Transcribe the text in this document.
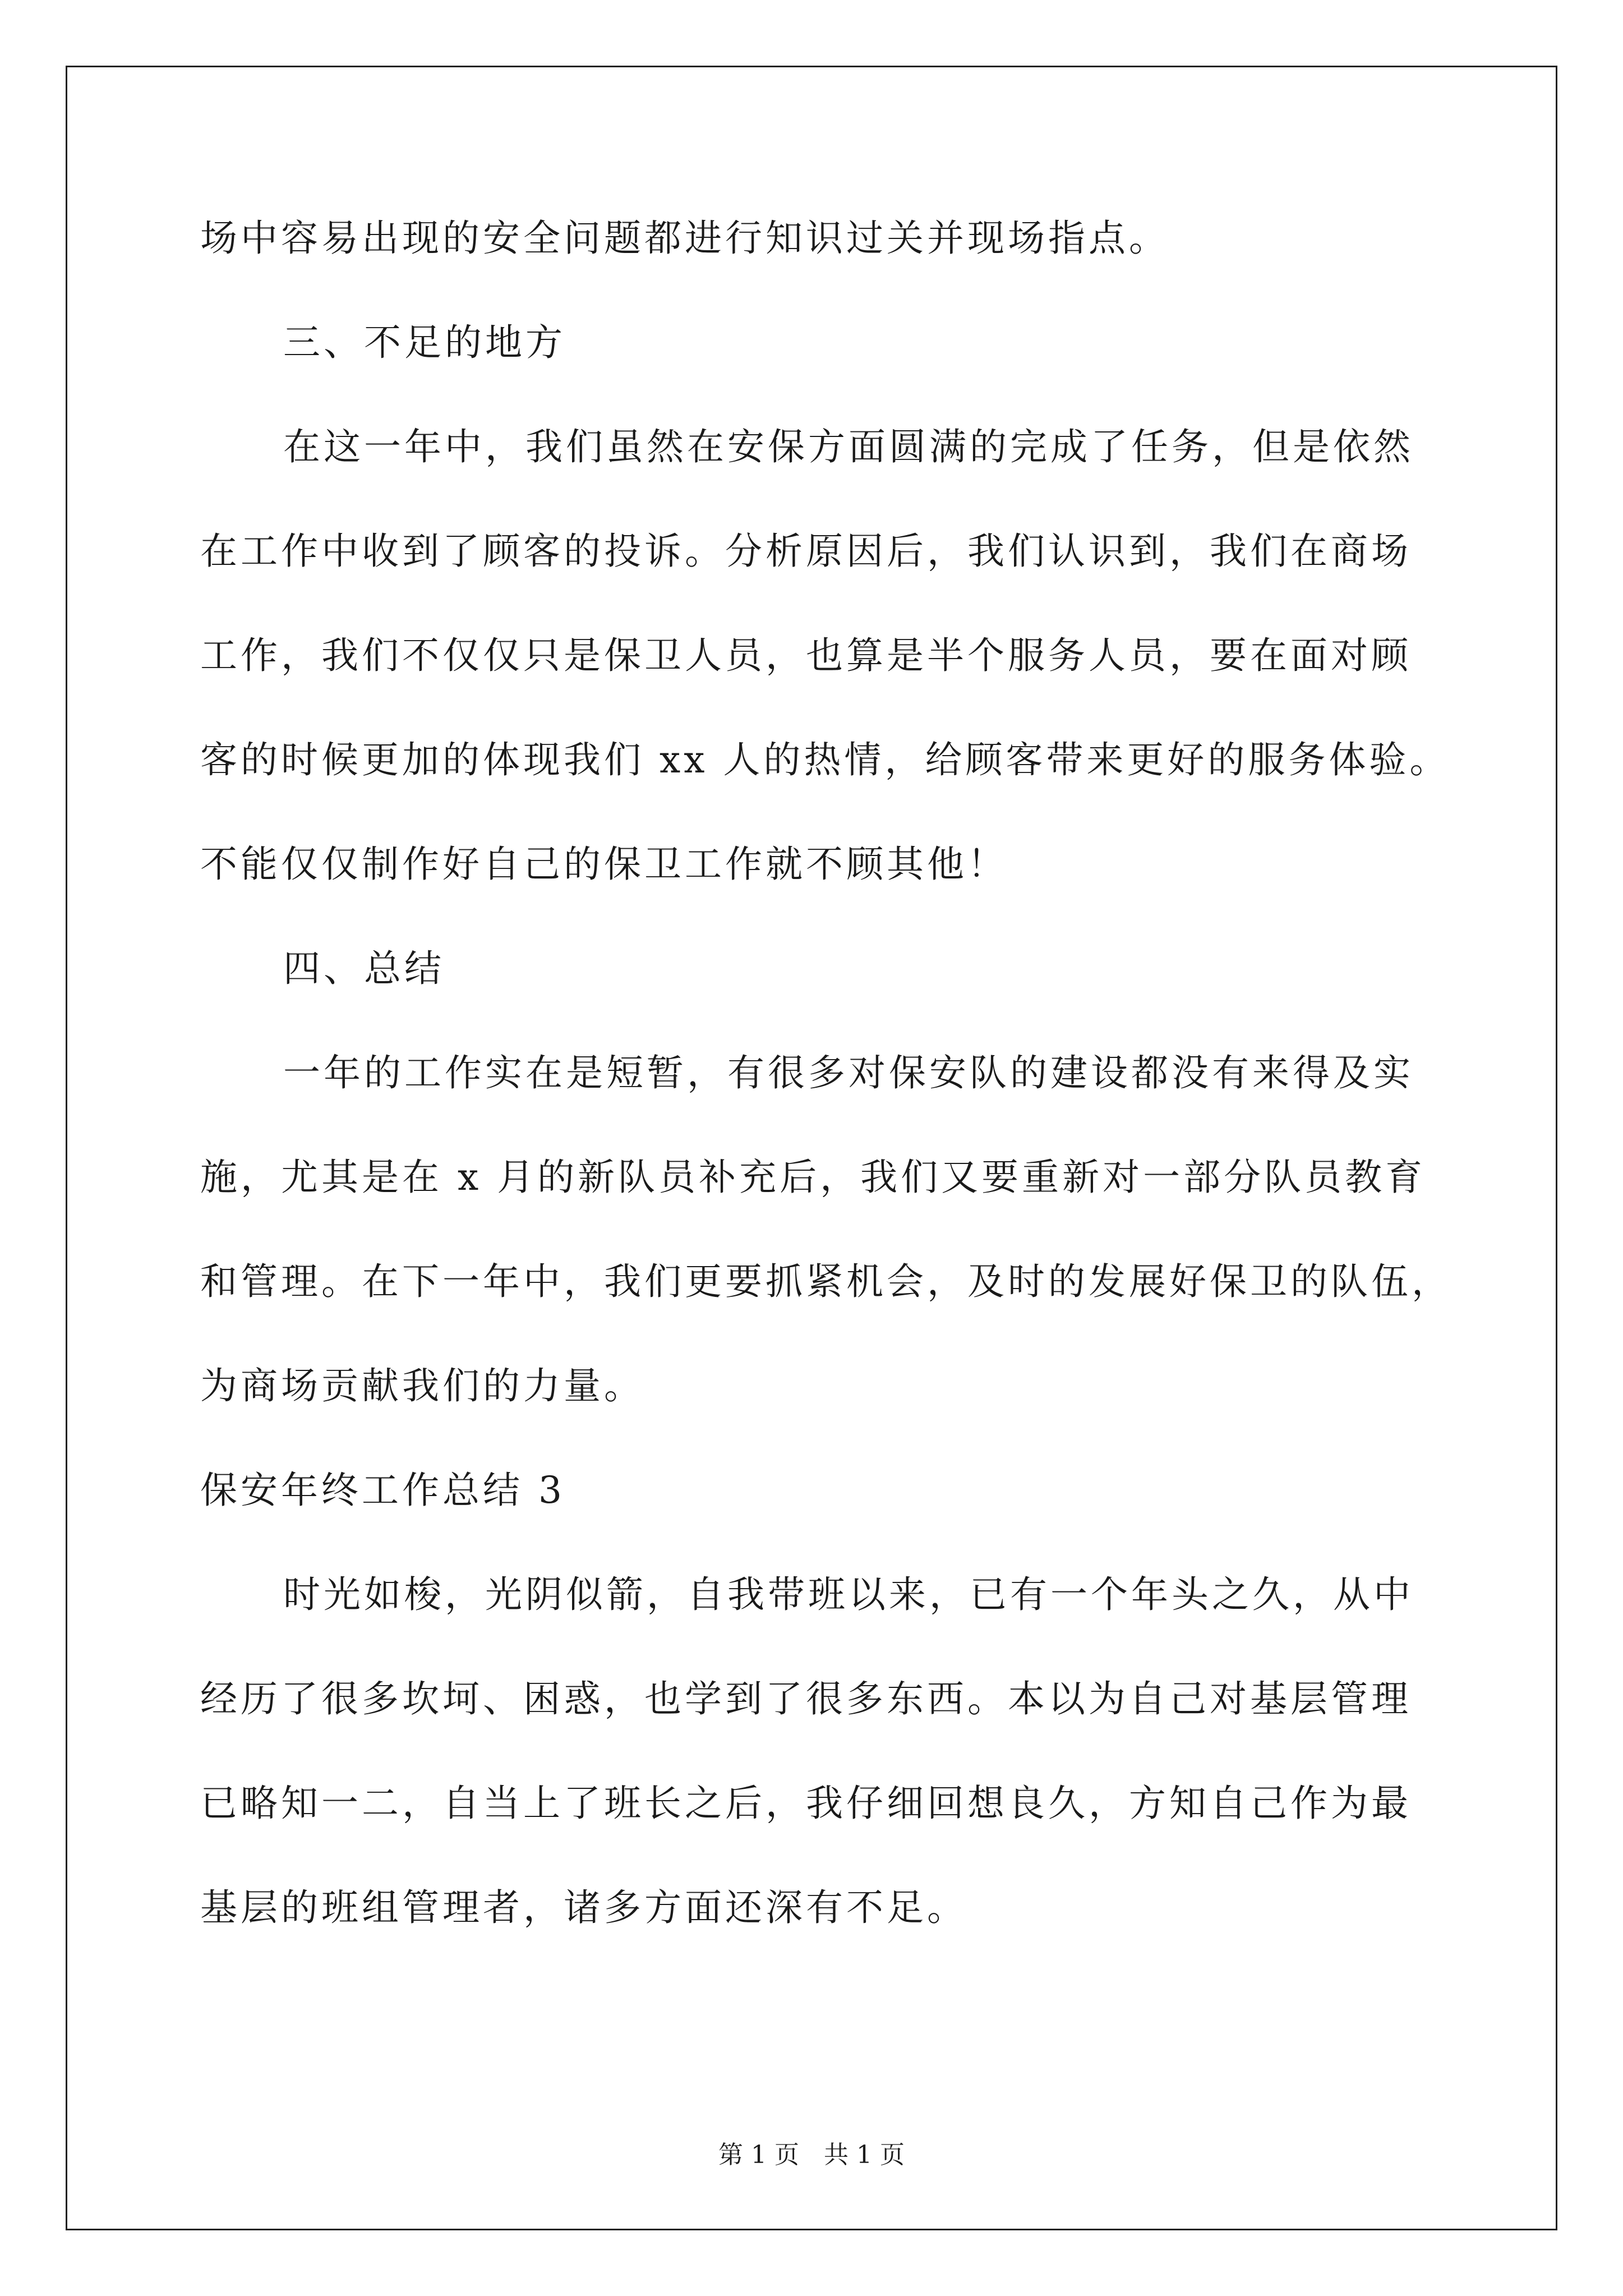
场中容易出现的安全问题都进行知识过关并现场指点。
三、不足的地方
在这一年中，我们虽然在安保方面圆满的完成了任务，但是依然
在工作中收到了顾客的投诉。分析原因后，我们认识到，我们在商场
工作，我们不仅仅只是保卫人员，也算是半个服务人员，要在面对顾
客的时候更加的体现我们 xx 人的热情，给顾客带来更好的服务体验。
不能仅仅制作好自己的保卫工作就不顾其他！
四、总结
一年的工作实在是短暂，有很多对保安队的建设都没有来得及实
施，尤其是在 x 月的新队员补充后，我们又要重新对一部分队员教育
和管理。在下一年中，我们更要抓紧机会，及时的发展好保卫的队伍，
为商场贡献我们的力量。
保安年终工作总结 3
时光如梭，光阴似箭，自我带班以来，已有一个年头之久，从中
经历了很多坎坷、困惑，也学到了很多东西。本以为自己对基层管理
已略知一二，自当上了班长之后，我仔细回想良久，方知自己作为最
基层的班组管理者，诸多方面还深有不足。
第 1 页　共 1 页
